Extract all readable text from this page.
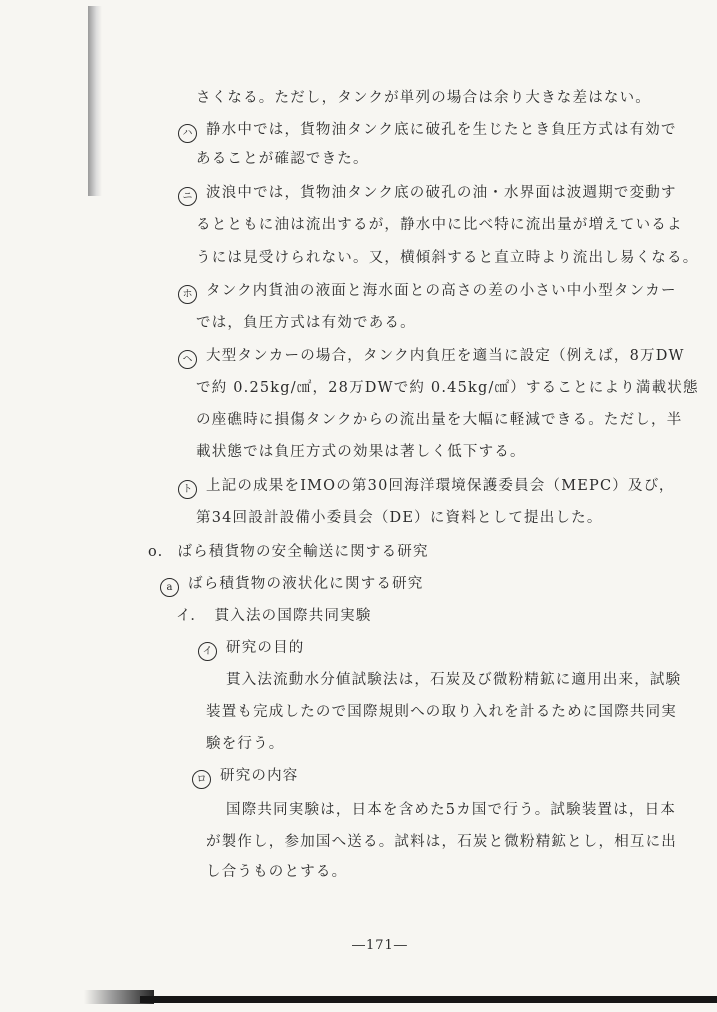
さくなる。ただし，タンクが単列の場合は余り大きな差はない。
ハ 静水中では，貨物油タンク底に破孔を生じたとき負圧方式は有効で
あることが確認できた。
ニ 波浪中では，貨物油タンク底の破孔の油・水界面は波週期で変動す
るとともに油は流出するが，静水中に比べ特に流出量が増えているよ
うには見受けられない。又，横傾斜すると直立時より流出し易くなる。
ホ タンク内貨油の液面と海水面との高さの差の小さい中小型タンカー
では，負圧方式は有効である。
ヘ 大型タンカーの場合，タンク内負圧を適当に設定（例えば，8万DW
で約 0.25kg/㎠，28万DWで約 0.45kg/㎠）することにより満載状態
の座礁時に損傷タンクからの流出量を大幅に軽減できる。ただし，半
載状態では負圧方式の効果は著しく低下する。
ト 上記の成果をIMOの第30回海洋環境保護委員会（MEPC）及び，
第34回設計設備小委員会（DE）に資料として提出した。
o. ばら積貨物の安全輸送に関する研究
a ばら積貨物の液状化に関する研究
イ．　貫入法の国際共同実験
イ 研究の目的
貫入法流動水分値試験法は，石炭及び微粉精鉱に適用出来，試験
装置も完成したので国際規則への取り入れを計るために国際共同実
験を行う。
ロ 研究の内容
国際共同実験は，日本を含めた5カ国で行う。試験装置は，日本
が製作し，参加国へ送る。試料は，石炭と微粉精鉱とし，相互に出
し合うものとする。
―171―
